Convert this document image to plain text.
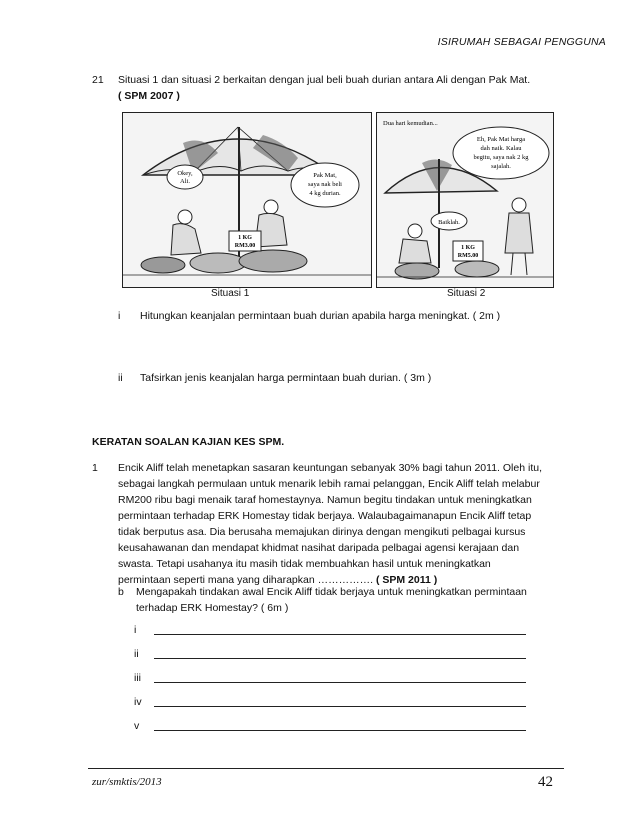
ISIRUMAH SEBAGAI PENGGUNA
21 Situasi 1 dan situasi 2 berkaitan dengan jual beli buah durian antara Ali dengan Pak Mat.
( SPM 2007 )
1 KG
RM3.00
Okey,
Ali.
Pak Mat,
saya nak beli
4 kg durian.
Dua hari kemudian...
1 KG
RM5.00
Eh, Pak Mat harga
dah naik. Kalau
begitu, saya nak 2 kg
sajalah.
Baiklah.
Situasi 1	Situasi 2
i Hitungkan keanjalan permintaan buah durian apabila harga meningkat. ( 2m )
ii Tafsirkan jenis keanjalan harga permintaan buah durian. ( 3m )
KERATAN SOALAN KAJIAN KES SPM.
1 Encik Aliff telah menetapkan sasaran keuntungan sebanyak 30% bagi tahun 2011. Oleh itu,
sebagai langkah permulaan untuk menarik lebih ramai pelanggan, Encik Aliff telah melabur
RM200 ribu bagi menaik taraf homestaynya. Namun begitu tindakan untuk meningkatkan
permintaan terhadap ERK Homestay tidak berjaya. Walaubagaimanapun Encik Aliff tetap
tidak berputus asa. Dia berusaha memajukan dirinya dengan mengikuti pelbagai kursus
keusahawanan dan mendapat khidmat nasihat daripada pelbagai agensi kerajaan dan
swasta. Tetapi usahanya itu masih tidak membuahkan hasil untuk meningkatkan
permintaan seperti mana yang diharapkan ……………. ( SPM 2011 )
b Mengapakah tindakan awal Encik Aliff tidak berjaya untuk meningkatkan permintaan
terhadap ERK Homestay? ( 6m )
i
ii
iii
iv
v
zur/smktis/2013	42
